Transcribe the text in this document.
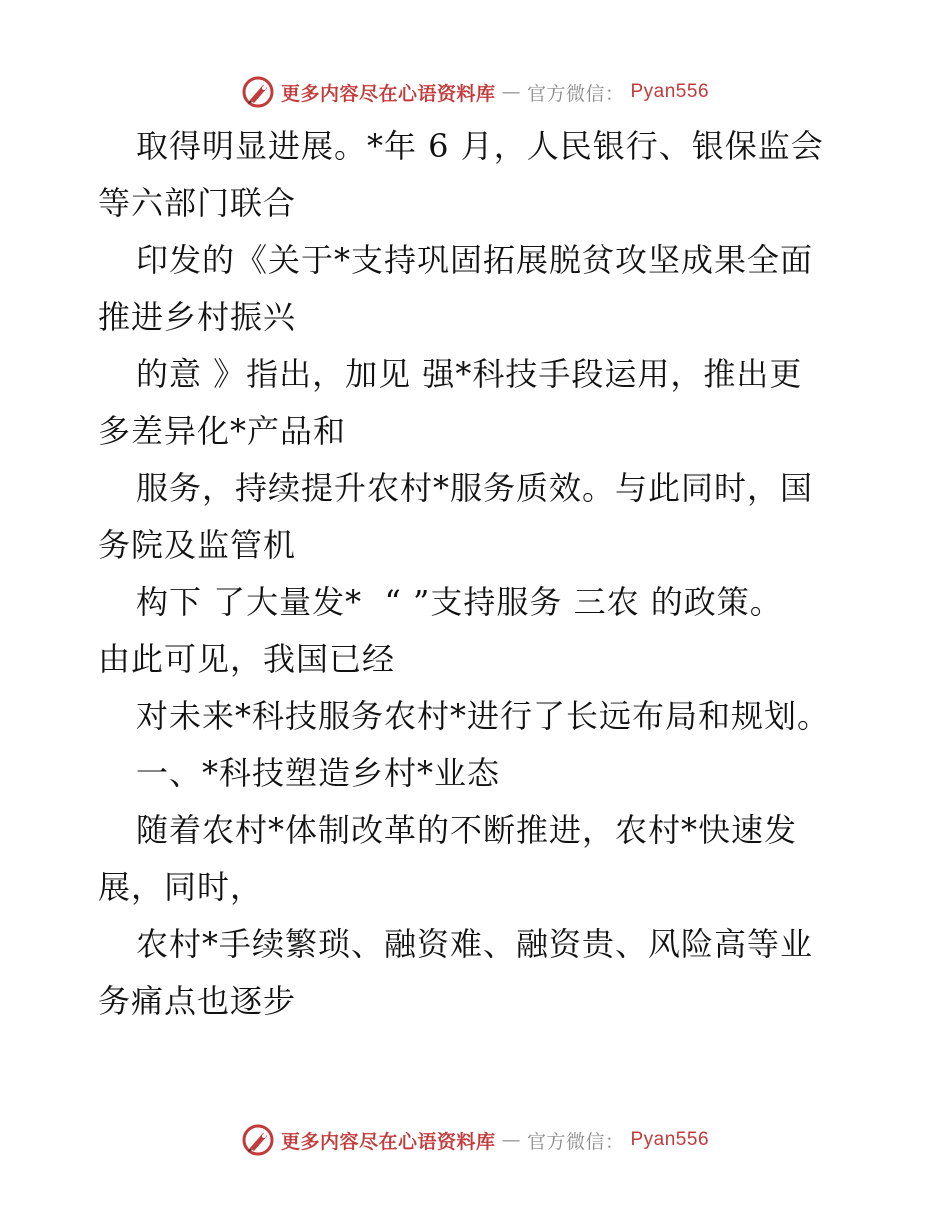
更多内容尽在心语资料库 — 官方微信： Pyan556
取得明显进展。*年 6 月，人民银行、银保监会
等六部门联合
印发的《关于*支持巩固拓展脱贫攻坚成果全面
推进乡村振兴
的意 》指出，加见 强*科技手段运用，推出更
多差异化*产品和
服务，持续提升农村*服务质效。与此同时，国
务院及监管机
构下 了大量发*  “ ”支持服务 三农 的政策。
由此可见，我国已经
对未来*科技服务农村*进行了长远布局和规划。
一、*科技塑造乡村*业态
随着农村*体制改革的不断推进，农村*快速发
展，同时，
农村*手续繁琐、融资难、融资贵、风险高等业
务痛点也逐步
更多内容尽在心语资料库 — 官方微信： Pyan556
